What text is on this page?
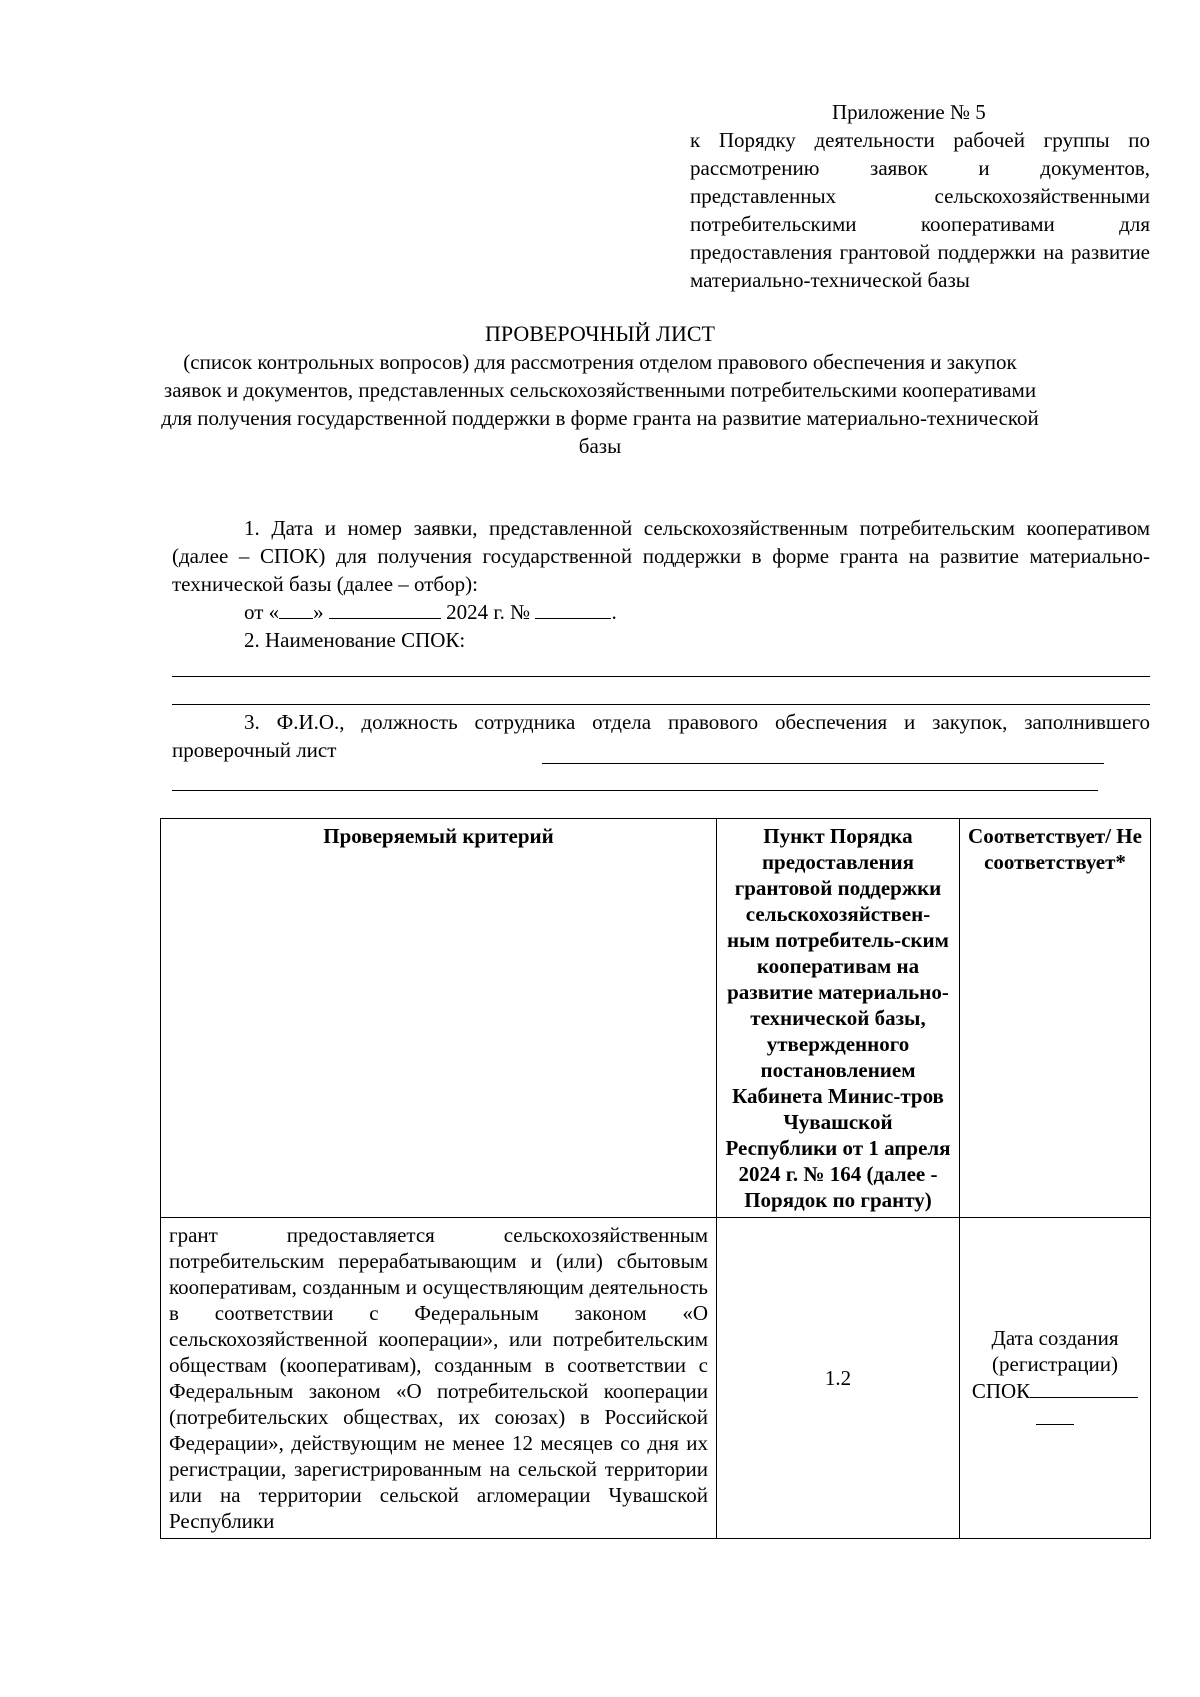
Приложение № 5
к Порядку деятельности рабочей группы по рассмотрению заявок и документов, представленных сельскохозяйственными потребительскими кооперативами для предоставления грантовой поддержки на развитие материально-технической базы
ПРОВЕРОЧНЫЙ ЛИСТ
(список контрольных вопросов) для рассмотрения отделом правового обеспечения и закупок заявок и документов, представленных сельскохозяйственными потребительскими кооперативами для получения государственной поддержки в форме гранта на развитие материально-технической базы
1. Дата и номер заявки, представленной сельскохозяйственным потребительским кооперативом (далее – СПОК) для получения государственной поддержки в форме гранта на развитие материально-технической базы (далее – отбор):
от « »	2024 г. №	.
2. Наименование СПОК:
3. Ф.И.О., должность сотрудника отдела правового обеспечения и закупок, заполнившего проверочный лист
Проверяемый критерий	Пункт Порядка предоставления грантовой поддержки сельскохозяйствен-ным потребитель-ским кооперативам на развитие материально-технической базы, утвержденного постановлением Кабинета Минис-тров Чувашской Республики от 1 апреля 2024 г. № 164 (далее - Порядок по гранту)	Соответствует/ Не соответствует*
грант предоставляется сельскохозяйственным потребительским перерабатывающим и (или) сбытовым кооперативам, созданным и осуществляющим деятельность в соответствии с Федеральным законом «О сельскохозяйственной кооперации», или потребительским обществам (кооперативам), созданным в соответствии с Федеральным законом «О потребительской кооперации (потребительских обществах, их союзах) в Российской Федерации», действующим не менее 12 месяцев со дня их регистрации, зарегистрированным на сельской территории или на территории сельской агломерации Чувашской Республики	1.2	Дата создания (регистрации) СПОК
